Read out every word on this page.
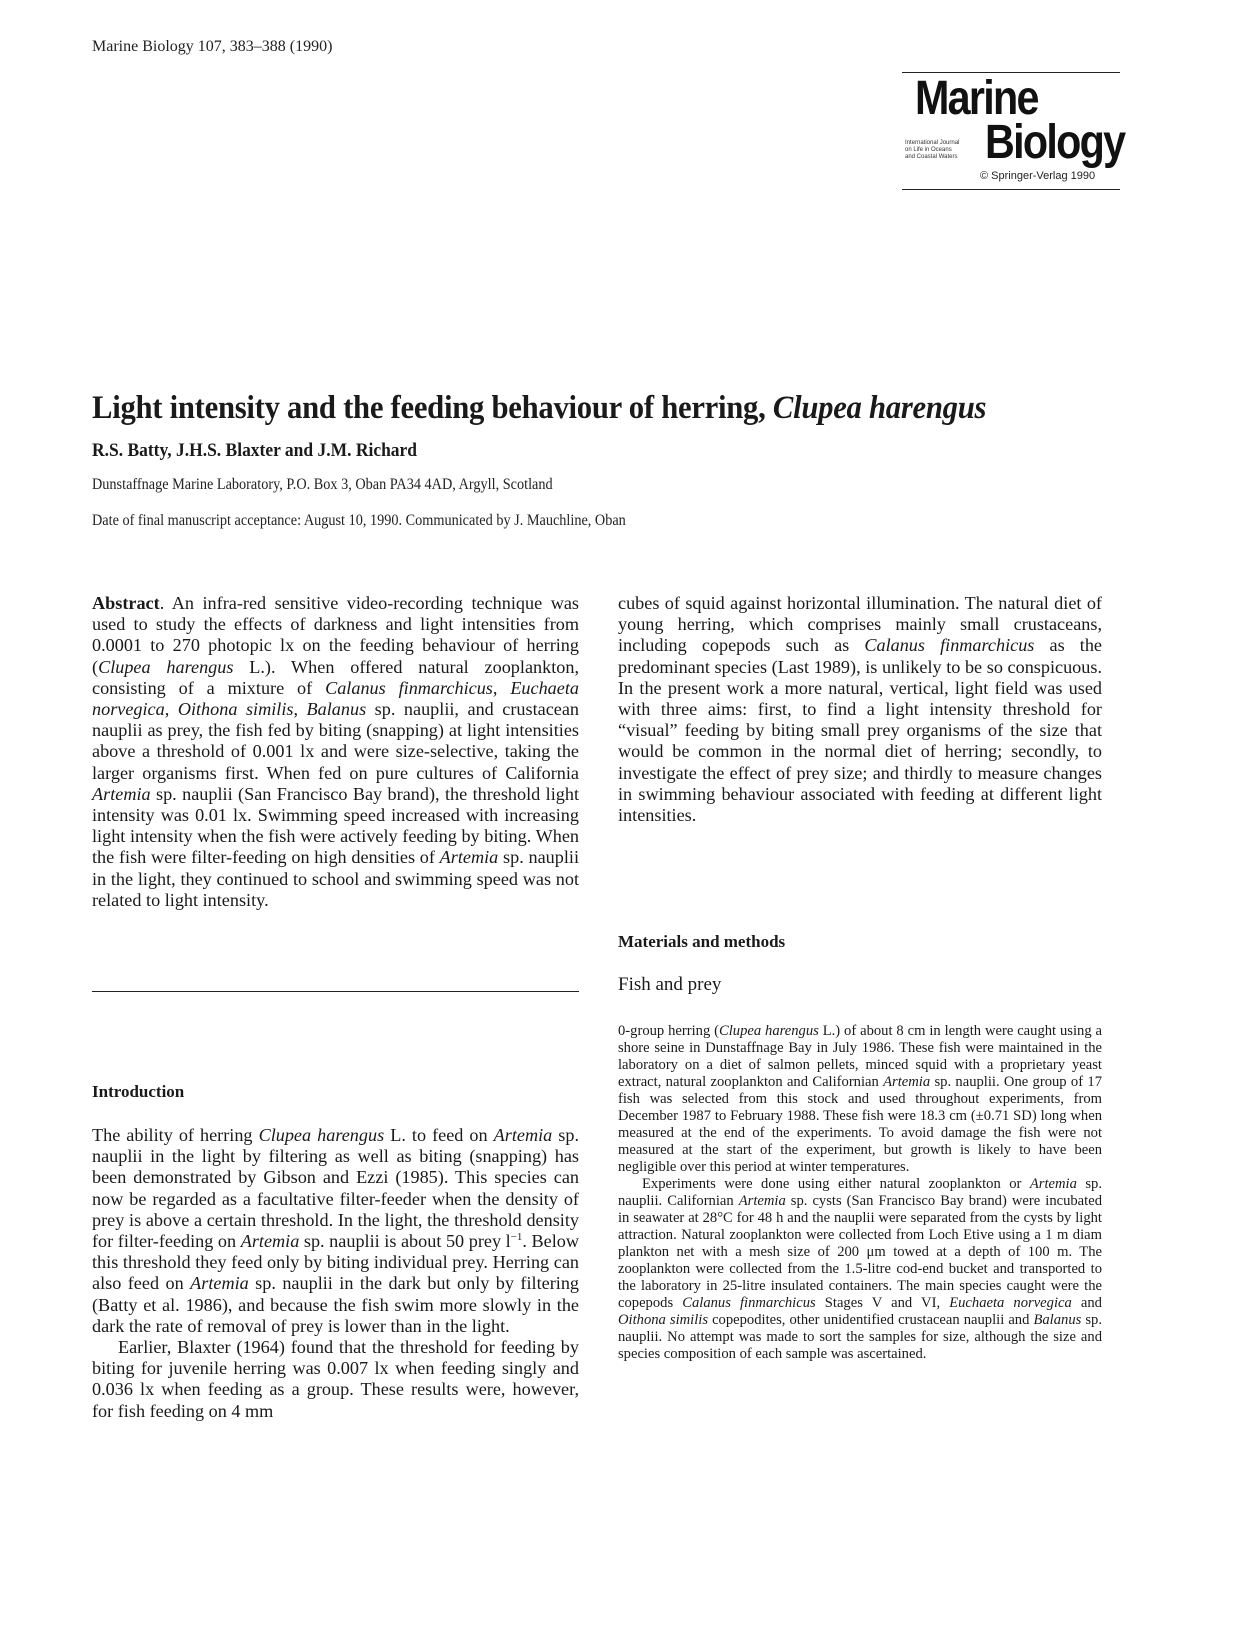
Marine Biology 107, 383–388 (1990)
Marine
Biology
International Journal
on Life in Oceans
and Coastal Waters
© Springer-Verlag 1990
Light intensity and the feeding behaviour of herring, Clupea harengus
R.S. Batty, J.H.S. Blaxter and J.M. Richard
Dunstaffnage Marine Laboratory, P.O. Box 3, Oban PA34 4AD, Argyll, Scotland
Date of final manuscript acceptance: August 10, 1990. Communicated by J. Mauchline, Oban

Abstract. An infra-red sensitive video-recording technique was used to study the effects of darkness and light intensities from 0.0001 to 270 photopic lx on the feeding behaviour of herring (Clupea harengus L.). When offered natural zooplankton, consisting of a mixture of Calanus finmarchicus, Euchaeta norvegica, Oithona similis, Balanus sp. nauplii, and crustacean nauplii as prey, the fish fed by biting (snapping) at light intensities above a threshold of 0.001 lx and were size-selective, taking the larger organisms first. When fed on pure cultures of California Artemia sp. nauplii (San Francisco Bay brand), the threshold light intensity was 0.01 lx. Swimming speed increased with increasing light intensity when the fish were actively feeding by biting. When the fish were filter-feeding on high densities of Artemia sp. nauplii in the light, they continued to school and swimming speed was not related to light intensity.

Introduction

The ability of herring Clupea harengus L. to feed on Artemia sp. nauplii in the light by filtering as well as biting (snapping) has been demonstrated by Gibson and Ezzi (1985). This species can now be regarded as a facultative filter-feeder when the density of prey is above a certain threshold. In the light, the threshold density for filter-feeding on Artemia sp. nauplii is about 50 prey $l^{-1}$. Below this threshold they feed only by biting individual prey. Herring can also feed on Artemia sp. nauplii in the dark but only by filtering (Batty et al. 1986), and because the fish swim more slowly in the dark the rate of removal of prey is lower than in the light.

Earlier, Blaxter (1964) found that the threshold for feeding by biting for juvenile herring was 0.007 lx when feeding singly and 0.036 lx when feeding as a group. These results were, however, for fish feeding on 4 mm

cubes of squid against horizontal illumination. The natural diet of young herring, which comprises mainly small crustaceans, including copepods such as Calanus finmarchicus as the predominant species (Last 1989), is unlikely to be so conspicuous. In the present work a more natural, vertical, light field was used with three aims: first, to find a light intensity threshold for “visual” feeding by biting small prey organisms of the size that would be common in the normal diet of herring; secondly, to investigate the effect of prey size; and thirdly to measure changes in swimming behaviour associated with feeding at different light intensities.

Materials and methods
Fish and prey

0-group herring (Clupea harengus L.) of about 8 cm in length were caught using a shore seine in Dunstaffnage Bay in July 1986. These fish were maintained in the laboratory on a diet of salmon pellets, minced squid with a proprietary yeast extract, natural zooplankton and Californian Artemia sp. nauplii. One group of 17 fish was selected from this stock and used throughout experiments, from December 1987 to February 1988. These fish were 18.3 cm (±0.71 SD) long when measured at the end of the experiments. To avoid damage the fish were not measured at the start of the experiment, but growth is likely to have been negligible over this period at winter temperatures.

Experiments were done using either natural zooplankton or Artemia sp. nauplii. Californian Artemia sp. cysts (San Francisco Bay brand) were incubated in seawater at 28°C for 48 h and the nauplii were separated from the cysts by light attraction. Natural zooplankton were collected from Loch Etive using a 1 m diam plankton net with a mesh size of 200 μm towed at a depth of 100 m. The zooplankton were collected from the 1.5-litre cod-end bucket and transported to the laboratory in 25-litre insulated containers. The main species caught were the copepods Calanus finmarchicus Stages V and VI, Euchaeta norvegica and Oithona similis copepodites, other unidentified crustacean nauplii and Balanus sp. nauplii. No attempt was made to sort the samples for size, although the size and species composition of each sample was ascertained.
